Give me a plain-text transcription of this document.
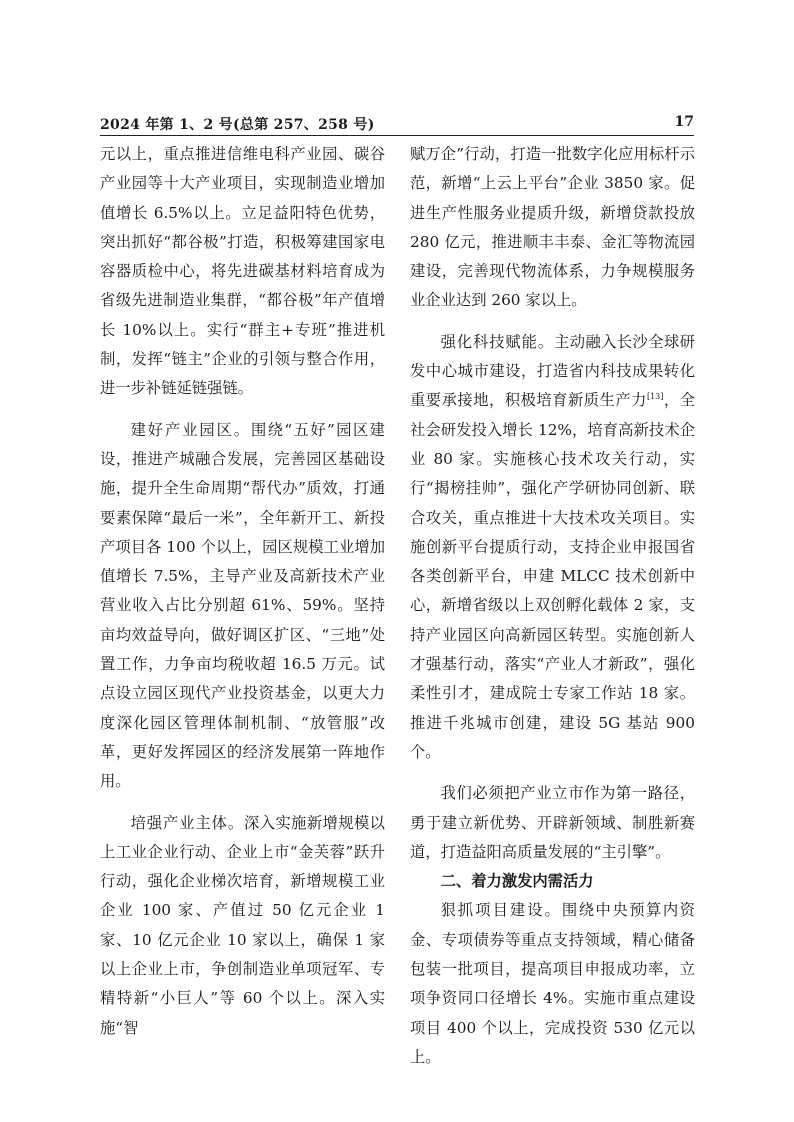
2024 年第 1、2 号(总第 257、258 号)	17

元以上，重点推进信维电科产业园、碳谷产业园等十大产业项目，实现制造业增加值增长 6.5%以上。立足益阳特色优势，突出抓好“都谷极”打造，积极筹建国家电容器质检中心，将先进碳基材料培育成为省级先进制造业集群，“都谷极”年产值增长 10%以上。实行“群主+专班”推进机制，发挥“链主”企业的引领与整合作用，进一步补链延链强链。

建好产业园区。围绕“五好”园区建设，推进产城融合发展，完善园区基础设施，提升全生命周期“帮代办”质效，打通要素保障“最后一米”，全年新开工、新投产项目各 100 个以上，园区规模工业增加值增长 7.5%，主导产业及高新技术产业营业收入占比分别超 61%、59%。坚持亩均效益导向，做好调区扩区、“三地”处置工作，力争亩均税收超 16.5 万元。试点设立园区现代产业投资基金，以更大力度深化园区管理体制机制、“放管服”改革，更好发挥园区的经济发展第一阵地作用。

培强产业主体。深入实施新增规模以上工业企业行动、企业上市“金芙蓉”跃升行动，强化企业梯次培育，新增规模工业企业 100 家、产值过 50 亿元企业 1 家、10 亿元企业 10 家以上，确保 1 家以上企业上市，争创制造业单项冠军、专精特新“小巨人”等 60 个以上。深入实施“智

赋万企”行动，打造一批数字化应用标杆示范，新增“上云上平台”企业 3850 家。促进生产性服务业提质升级，新增贷款投放 280 亿元，推进顺丰丰泰、金汇等物流园建设，完善现代物流体系，力争规模服务业企业达到 260 家以上。

强化科技赋能。主动融入长沙全球研发中心城市建设，打造省内科技成果转化重要承接地，积极培育新质生产力[13]，全社会研发投入增长 12%，培育高新技术企业 80 家。实施核心技术攻关行动，实行“揭榜挂帅”，强化产学研协同创新、联合攻关，重点推进十大技术攻关项目。实施创新平台提质行动，支持企业申报国省各类创新平台，申建 MLCC 技术创新中心，新增省级以上双创孵化载体 2 家，支持产业园区向高新园区转型。实施创新人才强基行动，落实“产业人才新政”，强化柔性引才，建成院士专家工作站 18 家。推进千兆城市创建，建设 5G 基站 900 个。

我们必须把产业立市作为第一路径，勇于建立新优势、开辟新领域、制胜新赛道，打造益阳高质量发展的“主引擎”。

二、着力激发内需活力

狠抓项目建设。围绕中央预算内资金、专项债券等重点支持领域，精心储备包装一批项目，提高项目申报成功率，立项争资同口径增长 4%。实施市重点建设项目 400 个以上，完成投资 530 亿元以上。
